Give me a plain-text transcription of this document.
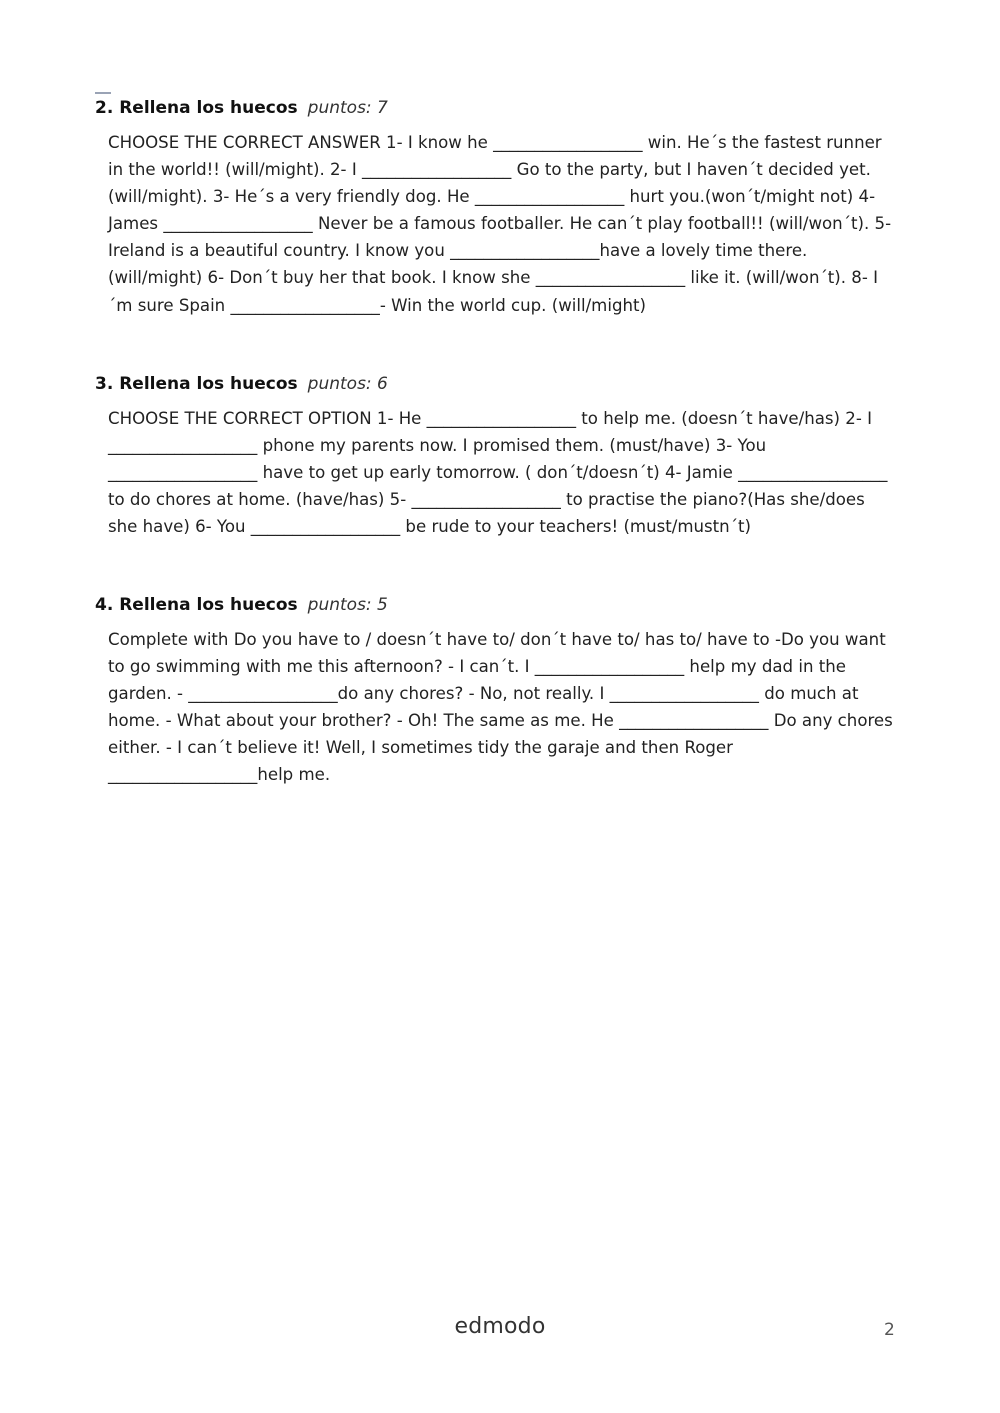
2. Rellena los huecos puntos: 7
CHOOSE THE CORRECT ANSWER 1- I know he __________________ win. He´s the fastest runner in the world!! (will/might). 2- I __________________ Go to the party, but I haven´t decided yet. (will/might). 3- He´s a very friendly dog. He __________________ hurt you.(won´t/might not) 4- James __________________ Never be a famous footballer. He can´t play football!! (will/won´t). 5- Ireland is a beautiful country. I know you __________________have a lovely time there. (will/might) 6- Don´t buy her that book. I know she __________________ like it. (will/won´t). 8- I´m sure Spain __________________- Win the world cup. (will/might)
3. Rellena los huecos puntos: 6
CHOOSE THE CORRECT OPTION 1- He __________________ to help me. (doesn´t have/has) 2- I __________________ phone my parents now. I promised them. (must/have) 3- You __________________ have to get up early tomorrow. ( don´t/doesn´t) 4- Jamie __________________ to do chores at home. (have/has) 5- __________________ to practise the piano?(Has she/does she have) 6- You __________________ be rude to your teachers! (must/mustn´t)
4. Rellena los huecos puntos: 5
Complete with Do you have to / doesn´t have to/ don´t have to/ has to/ have to -Do you want to go swimming with me this afternoon? - I can´t. I __________________ help my dad in the garden. - __________________do any chores? - No, not really. I __________________ do much at home. - What about your brother? - Oh! The same as me. He __________________ Do any chores either. - I can´t believe it! Well, I sometimes tidy the garaje and then Roger __________________help me.
edmodo	2
